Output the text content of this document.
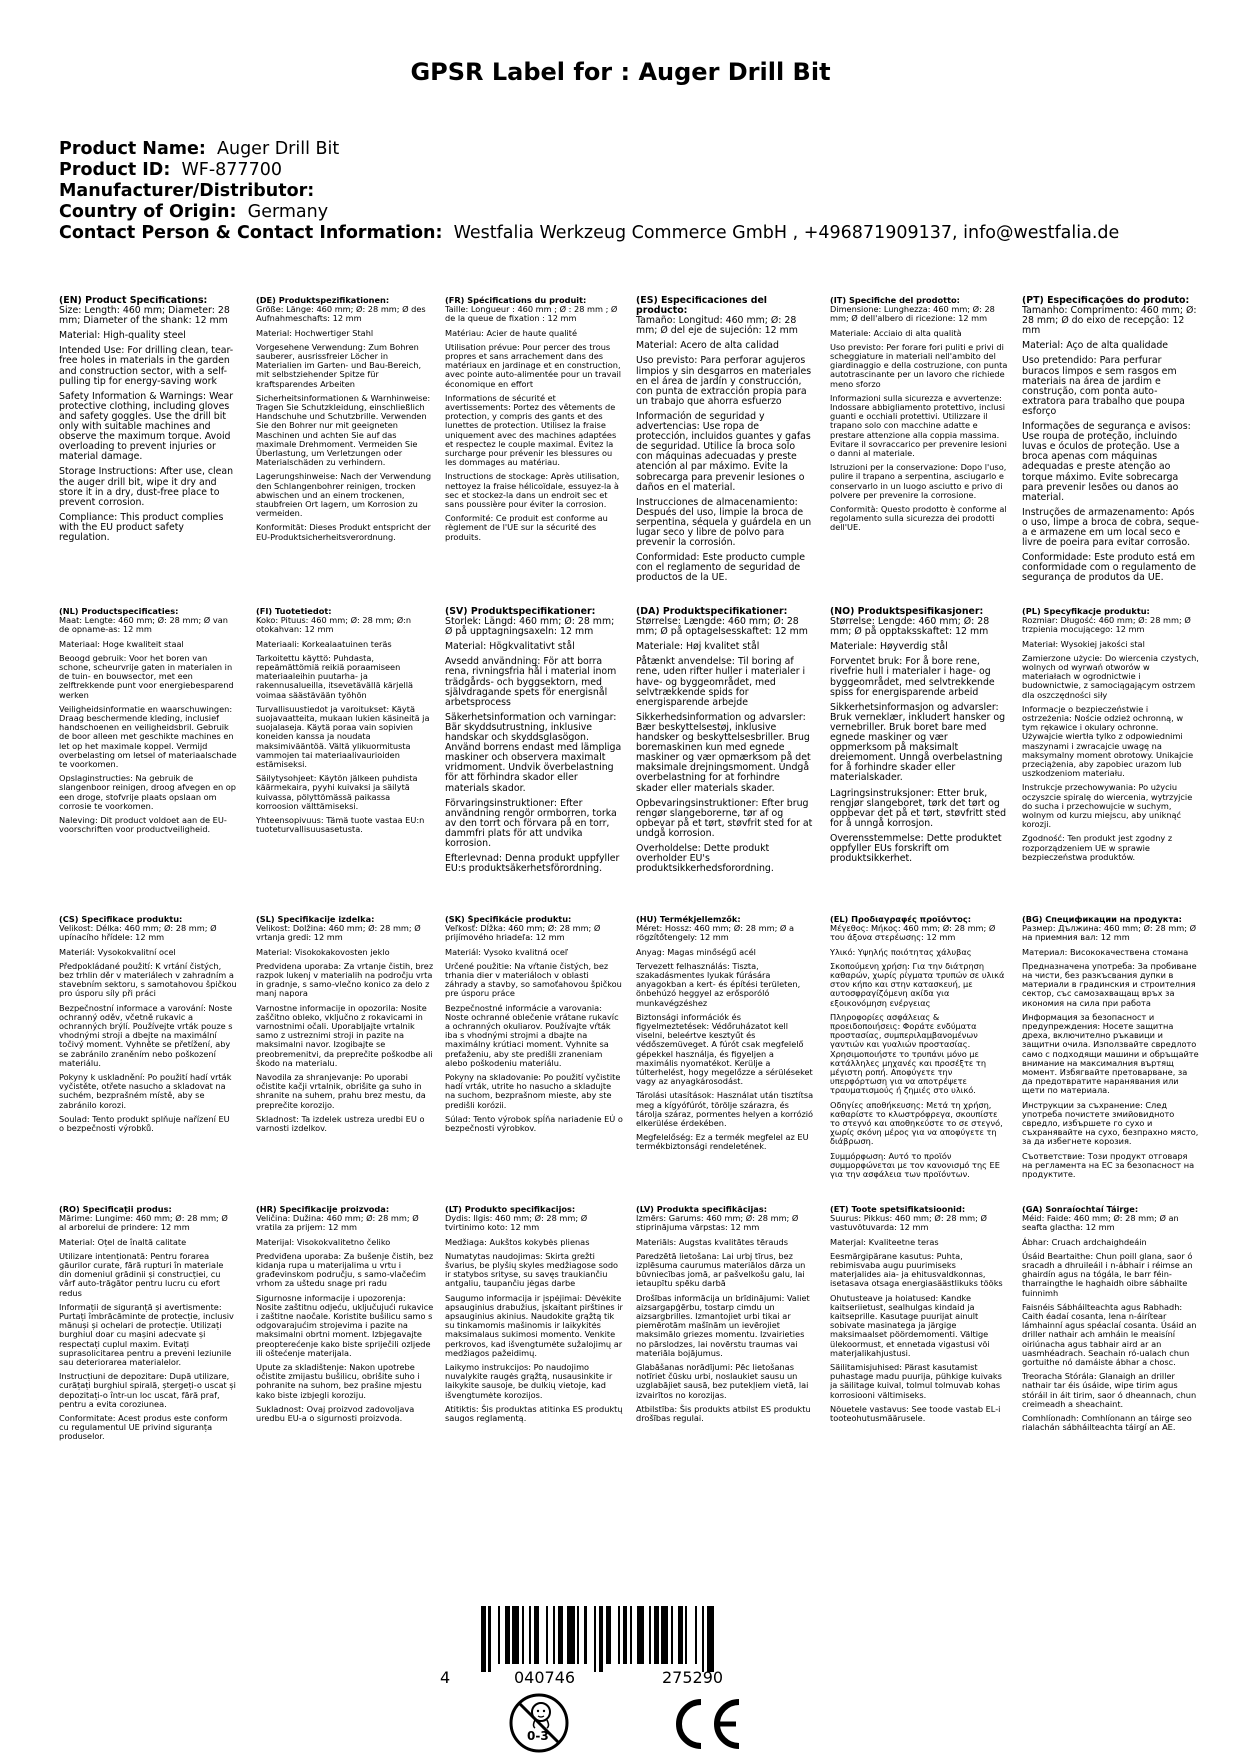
GPSR Label for : Auger Drill Bit
Product Name: Auger Drill Bit
Product ID: WF-877700
Manufacturer/Distributor:
Country of Origin: Germany
Contact Person & Contact Information: Westfalia Werkzeug Commerce GmbH , +496871909137, info@westfalia.de
(EN) Product Specifications:

Size: Length: 460 mm; Diameter: 28 mm; Diameter of the shank: 12 mm

Material: High-quality steel

Intended Use: For drilling clean, tear-free holes in materials in the garden and construction sector, with a self-pulling tip for energy-saving work

Safety Information & Warnings: Wear protective clothing, including gloves and safety goggles. Use the drill bit only with suitable machines and observe the maximum torque. Avoid overloading to prevent injuries or material damage.

Storage Instructions: After use, clean the auger drill bit, wipe it dry and store it in a dry, dust-free place to prevent corrosion.

Compliance: This product complies with the EU product safety regulation.

(DE) Produktspezifikationen:

Größe: Länge: 460 mm; Ø: 28 mm; Ø des Aufnahmeschafts: 12 mm

Material: Hochwertiger Stahl

Vorgesehene Verwendung: Zum Bohren sauberer, ausrissfreier Löcher in Materialien im Garten- und Bau-Bereich, mit selbstziehender Spitze für kraftsparendes Arbeiten

Sicherheitsinformationen & Warnhinweise: Tragen Sie Schutzkleidung, einschließlich Handschuhe und Schutzbrille. Verwenden Sie den Bohrer nur mit geeigneten Maschinen und achten Sie auf das maximale Drehmoment. Vermeiden Sie Überlastung, um Verletzungen oder Materialschäden zu verhindern.

Lagerungshinweise: Nach der Verwendung den Schlangenbohrer reinigen, trocken abwischen und an einem trockenen, staubfreien Ort lagern, um Korrosion zu vermeiden.

Konformität: Dieses Produkt entspricht der EU-Produktsicherheitsverordnung.

(FR) Spécifications du produit:

Taille: Longueur : 460 mm ; Ø : 28 mm ; Ø de la queue de fixation : 12 mm

Matériau: Acier de haute qualité

Utilisation prévue: Pour percer des trous propres et sans arrachement dans des matériaux en jardinage et en construction, avec pointe auto-alimentée pour un travail économique en effort

Informations de sécurité et avertissements: Portez des vêtements de protection, y compris des gants et des lunettes de protection. Utilisez la fraise uniquement avec des machines adaptées et respectez le couple maximal. Évitez la surcharge pour prévenir les blessures ou les dommages au matériau.

Instructions de stockage: Après utilisation, nettoyez la fraise hélicoïdale, essuyez-la à sec et stockez-la dans un endroit sec et sans poussière pour éviter la corrosion.

Conformité: Ce produit est conforme au règlement de l'UE sur la sécurité des produits.

(ES) Especificaciones del producto:

Tamaño: Longitud: 460 mm; Ø: 28 mm; Ø del eje de sujeción: 12 mm

Material: Acero de alta calidad

Uso previsto: Para perforar agujeros limpios y sin desgarros en materiales en el área de jardín y construcción, con punta de extracción propia para un trabajo que ahorra esfuerzo

Información de seguridad y advertencias: Use ropa de protección, incluidos guantes y gafas de seguridad. Utilice la broca solo con máquinas adecuadas y preste atención al par máximo. Evite la sobrecarga para prevenir lesiones o daños en el material.

Instrucciones de almacenamiento: Después del uso, limpie la broca de serpentina, séquela y guárdela en un lugar seco y libre de polvo para prevenir la corrosión.

Conformidad: Este producto cumple con el reglamento de seguridad de productos de la UE.

(IT) Specifiche del prodotto:

Dimensione: Lunghezza: 460 mm; Ø: 28 mm; Ø dell'albero di ricezione: 12 mm

Materiale: Acciaio di alta qualità

Uso previsto: Per forare fori puliti e privi di scheggiature in materiali nell'ambito del giardinaggio e della costruzione, con punta autotrascinante per un lavoro che richiede meno sforzo

Informazioni sulla sicurezza e avvertenze: Indossare abbigliamento protettivo, inclusi guanti e occhiali protettivi. Utilizzare il trapano solo con macchine adatte e prestare attenzione alla coppia massima. Evitare il sovraccarico per prevenire lesioni o danni al materiale.

Istruzioni per la conservazione: Dopo l'uso, pulire il trapano a serpentina, asciugarlo e conservarlo in un luogo asciutto e privo di polvere per prevenire la corrosione.

Conformità: Questo prodotto è conforme al regolamento sulla sicurezza dei prodotti dell'UE.

(PT) Especificações do produto:

Tamanho: Comprimento: 460 mm; Ø: 28 mm; Ø do eixo de recepção: 12 mm

Material: Aço de alta qualidade

Uso pretendido: Para perfurar buracos limpos e sem rasgos em materiais na área de jardim e construção, com ponta auto-extratora para trabalho que poupa esforço

Informações de segurança e avisos: Use roupa de proteção, incluindo luvas e óculos de proteção. Use a broca apenas com máquinas adequadas e preste atenção ao torque máximo. Evite sobrecarga para prevenir lesões ou danos ao material.

Instruções de armazenamento: Após o uso, limpe a broca de cobra, seque-a e armazene em um local seco e livre de poeira para evitar corrosão.

Conformidade: Este produto está em conformidade com o regulamento de segurança de produtos da UE.

(NL) Productspecificaties:

Maat: Lengte: 460 mm; Ø: 28 mm; Ø van de opname-as: 12 mm

Materiaal: Hoge kwaliteit staal

Beoogd gebruik: Voor het boren van schone, scheurvrije gaten in materialen in de tuin- en bouwsector, met een zelftrekkende punt voor energiebesparend werken

Veiligheidsinformatie en waarschuwingen: Draag beschermende kleding, inclusief handschoenen en veiligheidsbril. Gebruik de boor alleen met geschikte machines en let op het maximale koppel. Vermijd overbelasting om letsel of materiaalschade te voorkomen.

Opslaginstructies: Na gebruik de slangenboor reinigen, droog afvegen en op een droge, stofvrije plaats opslaan om corrosie te voorkomen.

Naleving: Dit product voldoet aan de EU-voorschriften voor productveiligheid.

(FI) Tuotetiedot:

Koko: Pituus: 460 mm; Ø: 28 mm; Ø:n otokahvan: 12 mm

Materiaali: Korkealaatuinen teräs

Tarkoitettu käyttö: Puhdasta, repeämättömiä reikiä poraamiseen materiaaleihin puutarha- ja rakennusalueilla, itsevetävällä kärjellä voimaa säästävään työhön

Turvallisuustiedot ja varoitukset: Käytä suojavaatteita, mukaan lukien käsineitä ja suojalaseja. Käytä poraa vain sopivien koneiden kanssa ja noudata maksimivääntöä. Vältä ylikuormitusta vammojen tai materiaalivaurioiden estämiseksi.

Säilytysohjeet: Käytön jälkeen puhdista käärmekaira, pyyhi kuivaksi ja säilytä kuivassa, pölyttömässä paikassa korroosion välttämiseksi.

Yhteensopivuus: Tämä tuote vastaa EU:n tuoteturvallisuusasetusta.

(SV) Produktspecifikationer:

Storlek: Längd: 460 mm; Ø: 28 mm; Ø på upptagningsaxeln: 12 mm

Material: Högkvalitativt stål

Avsedd användning: För att borra rena, rivningsfria hål i material inom trädgårds- och byggsektorn, med självdragande spets för energisnål arbetsprocess

Säkerhetsinformation och varningar: Bär skyddsutrustning, inklusive handskar och skyddsglasögon. Använd borrens endast med lämpliga maskiner och observera maximalt vridmoment. Undvik överbelastning för att förhindra skador eller materials skador.

Förvaringsinstruktioner: Efter användning rengör ormborren, torka av den torrt och förvara på en torr, dammfri plats för att undvika korrosion.

Efterlevnad: Denna produkt uppfyller EU:s produktsäkerhetsförordning.

(DA) Produktspecifikationer:

Størrelse: Længde: 460 mm; Ø: 28 mm; Ø på optagelsesskaftet: 12 mm

Materiale: Høj kvalitet stål

Påtænkt anvendelse: Til boring af rene, uden rifter huller i materialer i have- og byggeområdet, med selvtrækkende spids for energisparende arbejde

Sikkerhedsinformation og advarsler: Bær beskyttelsestøj, inklusive handsker og beskyttelsesbriller. Brug boremaskinen kun med egnede maskiner og vær opmærksom på det maksimale drejningsmoment. Undgå overbelastning for at forhindre skader eller materials skader.

Opbevaringsinstruktioner: Efter brug rengør slangeborerne, tør af og opbevar på et tørt, støvfrit sted for at undgå korrosion.

Overholdelse: Dette produkt overholder EU's produktsikkerhedsforordning.

(NO) Produktspesifikasjoner:

Størrelse: Lengde: 460 mm; Ø: 28 mm; Ø på opptaksskaftet: 12 mm

Materiale: Høyverdig stål

Forventet bruk: For å bore rene, rivefrie hull i materialer i hage- og byggeområdet, med selvtrekkende spiss for energisparende arbeid

Sikkerhetsinformasjon og advarsler: Bruk verneklær, inkludert hansker og vernebriller. Bruk boret bare med egnede maskiner og vær oppmerksom på maksimalt dreiemoment. Unngå overbelastning for å forhindre skader eller materialskader.

Lagringsinstruksjoner: Etter bruk, rengjør slangeboret, tørk det tørt og oppbevar det på et tørt, støvfritt sted for å unngå korrosjon.

Overensstemmelse: Dette produktet oppfyller EUs forskrift om produktsikkerhet.

(PL) Specyfikacje produktu:

Rozmiar: Długość: 460 mm; Ø: 28 mm; Ø trzpienia mocującego: 12 mm

Materiał: Wysokiej jakości stal

Zamierzone użycie: Do wiercenia czystych, wolnych od wyrwań otworów w materiałach w ogrodnictwie i budownictwie, z samociągającym ostrzem dla oszczędności siły

Informacje o bezpieczeństwie i ostrzeżenia: Noście odzież ochronną, w tym rękawice i okulary ochronne. Używajcie wiertła tylko z odpowiednimi maszynami i zwracajcie uwagę na maksymalny moment obrotowy. Unikajcie przeciążenia, aby zapobiec urazom lub uszkodzeniom materiału.

Instrukcje przechowywania: Po użyciu oczyszcie spiralę do wiercenia, wytrzyjcie do sucha i przechowujcie w suchym, wolnym od kurzu miejscu, aby uniknąć korozji.

Zgodność: Ten produkt jest zgodny z rozporządzeniem UE w sprawie bezpieczeństwa produktów.

(CS) Specifikace produktu:

Velikost: Délka: 460 mm; Ø: 28 mm; Ø upínacího hřídele: 12 mm

Materiál: Vysokokvalitní ocel

Předpokládané použití: K vrtání čistých, bez trhlin děr v materiálech v zahradním a stavebním sektoru, s samotahovou špičkou pro úsporu síly při práci

Bezpečnostní informace a varování: Noste ochranný oděv, včetně rukavic a ochranných brýlí. Používejte vrták pouze s vhodnými stroji a dbejte na maximální točivý moment. Vyhněte se přetížení, aby se zabránilo zraněním nebo poškození materiálu.

Pokyny k uskladnění: Po použití hadí vrták vyčistěte, otřete nasucho a skladovat na suchém, bezprašném místě, aby se zabránilo korozi.

Soulad: Tento produkt splňuje nařízení EU o bezpečnosti výrobků.

(SL) Specifikacije izdelka:

Velikost: Dolžina: 460 mm; Ø: 28 mm; Ø vrtanja gredi: 12 mm

Material: Visokokakovosten jeklo

Predvidena uporaba: Za vrtanje čistih, brez razpok lukenj v materialih na področju vrta in gradnje, s samo-vlečno konico za delo z manj napora

Varnostne informacije in opozorila: Nosite zaščitno obleko, vključno z rokavicami in varnostnimi očali. Uporabljajte vrtalnik samo z ustreznimi stroji in pazite na maksimalni navor. Izogibajte se preobremenitvi, da preprečite poškodbe ali škodo na materialu.

Navodila za shranjevanje: Po uporabi očistite kačji vrtalnik, obrišite ga suho in shranite na suhem, prahu brez mestu, da preprečite korozijo.

Skladnost: Ta izdelek ustreza uredbi EU o varnosti izdelkov.

(SK) Špecifikácie produktu:

Veľkosť: Dĺžka: 460 mm; Ø: 28 mm; Ø prijímového hriadeľa: 12 mm

Materiál: Vysoko kvalitná oceľ

Určené použitie: Na vŕtanie čistých, bez trhania dier v materiáloch v oblasti záhrady a stavby, so samoťahovou špičkou pre úsporu práce

Bezpečnostné informácie a varovania: Noste ochranné oblečenie vrátane rukavíc a ochranných okuliarov. Používajte vŕták iba s vhodnými strojmi a dbajte na maximálny krútiaci moment. Vyhnite sa preťaženiu, aby ste predišli zraneniam alebo poškodeniu materiálu.

Pokyny na skladovanie: Po použití vyčistite hadí vrták, utrite ho nasucho a skladujte na suchom, bezprašnom mieste, aby ste predišli korózii.

Súlad: Tento výrobok spĺňa nariadenie EÚ o bezpečnosti výrobkov.

(HU) Termékjellemzők:

Méret: Hossz: 460 mm; Ø: 28 mm; Ø a rögzítőtengely: 12 mm

Anyag: Magas minőségű acél

Tervezett felhasználás: Tiszta, szakadásmentes lyukak fúrására anyagokban a kert- és építési területen, önbehúzó heggyel az erősporóló munkavégzéshez

Biztonsági információk és figyelmeztetések: Védőruházatot kell viselni, beleértve kesztyűt és védőszemüveget. A fúrót csak megfelelő gépekkel használja, és figyeljen a maximális nyomatékot. Kerülje a túlterhelést, hogy megelőzze a sérüléseket vagy az anyagkárosodást.

Tárolási utasítások: Használat után tisztítsa meg a kígyófúrót, törölje szárazra, és tárolja száraz, pormentes helyen a korrózió elkerülése érdekében.

Megfelelőség: Ez a termék megfelel az EU termékbiztonsági rendeletének.

(EL) Προδιαγραφές προϊόντος:

Μέγεθος: Μήκος: 460 mm; Ø: 28 mm; Ø του άξονα στερέωσης: 12 mm

Υλικό: Υψηλής ποιότητας χάλυβας

Σκοπούμενη χρήση: Για την διάτρηση καθαρών, χωρίς ρίγματα τρυπών σε υλικά στον κήπο και στην κατασκευή, με αυτοσφραγίζόμενη ακίδα για εξοικονόμηση ενέργειας

Πληροφορίες ασφάλειας & προειδοποιήσεις: Φοράτε ενδύματα προστασίας, συμπεριλαμβανομένων γαντιών και γυαλιών προστασίας. Χρησιμοποιήστε το τρυπάνι μόνο με κατάλληλες μηχανές και προσέξτε τη μέγιστη ροπή. Αποφύγετε την υπερφόρτωση για να αποτρέψετε τραυματισμούς ή ζημιές στο υλικό.

Οδηγίες αποθήκευσης: Μετά τη χρήση, καθαρίστε το κλωστρόφρεγα, σκουπίστε το στεγνό και αποθηκεύστε το σε στεγνό, χωρίς σκόνη μέρος για να αποφύγετε τη διάβρωση.

Συμμόρφωση: Αυτό το προϊόν συμμορφώνεται με τον κανονισμό της ΕΕ για την ασφάλεια των προϊόντων.

(BG) Спецификации на продукта:

Размер: Дължина: 460 mm; Ø: 28 mm; Ø на приемния вал: 12 mm

Материал: Висококачествена стомана

Предназначена употреба: За пробиване на чисти, без разкъсвания дупки в материали в градинския и строителния сектор, със самозахващащ връх за икономия на сила при работа

Информация за безопасност и предупреждения: Носете защитна дреха, включително ръкавици и защитни очила. Използвайте свредлото само с подходящи машини и обръщайте внимание на максималния въртящ момент. Избягвайте претоварване, за да предотвратите наранявания или щети по материала.

Инструкции за съхранение: След употреба почистете змийовидното свредло, избършете го сухо и съхранявайте на сухо, безпрахно място, за да избегнете корозия.

Съответствие: Този продукт отговаря на регламента на ЕС за безопасност на продуктите.

(RO) Specificații produs:

Mărime: Lungime: 460 mm; Ø: 28 mm; Ø al arborelui de prindere: 12 mm

Material: Oțel de înaltă calitate

Utilizare intenționată: Pentru forarea găurilor curate, fără rupturi în materiale din domeniul grădinii și construcției, cu vârf auto-trăgător pentru lucru cu efort redus

Informații de siguranță și avertismente: Purtați îmbrăcăminte de protecție, inclusiv mănuși și ochelari de protecție. Utilizați burghiul doar cu mașini adecvate și respectați cuplul maxim. Evitați suprasolicitarea pentru a preveni leziunile sau deteriorarea materialelor.

Instrucțiuni de depozitare: După utilizare, curățați burghiul spirală, ștergeți-o uscat și depozitați-o într-un loc uscat, fără praf, pentru a evita coroziunea.

Conformitate: Acest produs este conform cu regulamentul UE privind siguranța produselor.

(HR) Specifikacije proizvoda:

Veličina: Dužina: 460 mm; Ø: 28 mm; Ø vratila za prijem: 12 mm

Materijal: Visokokvalitetno čeliko

Predviđena uporaba: Za bušenje čistih, bez kidanja rupa u materijalima u vrtu i građevinskom području, s samo-vlačećim vrhom za uštedu snage pri radu

Sigurnosne informacije i upozorenja: Nosite zaštitnu odjeću, uključujući rukavice i zaštitne naočale. Koristite bušilicu samo s odgovarajućim strojevima i pazite na maksimalni obrtni moment. Izbjegavajte preopterećenje kako biste spriječili ozljede ili oštećenje materijala.

Upute za skladištenje: Nakon upotrebe očistite zmijastu bušilicu, obrišite suho i pohranite na suhom, bez prašine mjestu kako biste izbjegli koroziju.

Sukladnost: Ovaj proizvod zadovoljava uredbu EU-a o sigurnosti proizvoda.

(LT) Produkto specifikacijos:

Dydis: Ilgis: 460 mm; Ø: 28 mm; Ø tvirtinimo koto: 12 mm

Medžiaga: Aukštos kokybės plienas

Numatytas naudojimas: Skirta grežti švarius, be plyšių skyles medžiagose sodo ir statybos srityse, su savęs traukiančiu antgaliu, taupančiu jėgas darbe

Saugumo informacija ir įspėjimai: Dėvėkite apsauginius drabužius, įskaitant pirštines ir apsauginius akinius. Naudokite grąžtą tik su tinkamomis mašinomis ir laikykitės maksimalaus sukimosi momento. Venkite perkrovos, kad išvengtumėte sužalojimų ar medžiagos pažeidimų.

Laikymo instrukcijos: Po naudojimo nuvalykite raugės grąžtą, nusausinkite ir laikykite sausoje, be dulkių vietoje, kad išvengtumėte korozijos.

Atitiktis: Šis produktas atitinka ES produktų saugos reglamentą.

(LV) Produkta specifikācijas:

Izmērs: Garums: 460 mm; Ø: 28 mm; Ø stiprinājuma vārpstas: 12 mm

Materiāls: Augstas kvalitātes tērauds

Paredzētā lietošana: Lai urbj tīrus, bez izplēsuma caurumus materiālos dārza un būvniecības jomā, ar pašvelkošu galu, lai ietaupītu spēku darbā

Drošības informācija un brīdinājumi: Valiet aizsargapģērbu, tostarp cimdu un aizsargbrilles. Izmantojiet urbi tikai ar piemērotām mašīnām un ievērojiet maksimālo griezes momentu. Izvairieties no pārslodzes, lai novērstu traumas vai materiāla bojājumus.

Glabāšanas norādījumi: Pēc lietošanas notīriet čūsku urbi, noslaukiet sausu un uzglabājiet sausā, bez putekļiem vietā, lai izvairītos no korozijas.

Atbilstība: Šis produkts atbilst ES produktu drošības regulai.

(ET) Toote spetsifikatsioonid:

Suurus: Pikkus: 460 mm; Ø: 28 mm; Ø vastuvõtuvarda: 12 mm

Materjal: Kvaliteetne teras

Eesmärgipärane kasutus: Puhta, rebimisvaba augu puurimiseks materjalides aia- ja ehitusvaldkonnas, isetasava otsaga energiasäästlikuks tööks

Ohutusteave ja hoiatused: Kandke kaitseriietust, sealhulgas kindaid ja kaitseprille. Kasutage puurijat ainult sobivate masinatega ja järgige maksimaalset pöördemomenti. Vältige ülekoormust, et ennetada vigastusi või materjalikahjustusi.

Säilitamisjuhised: Pärast kasutamist puhastage madu puurija, pühkige kuivaks ja säilitage kuival, tolmul tolmuvab kohas korrosiooni vältimiseks.

Nõuetele vastavus: See toode vastab EL-i tooteohutusmäärusele.

(GA) Sonraíochtaí Táirge:

Méid: Faide: 460 mm; Ø: 28 mm; Ø an seafta glactha: 12 mm

Ábhar: Cruach ardchaighdeáin

Úsáid Beartaithe: Chun poill glana, saor ó sracadh a dhruileáil i n-ábhair i réimse an ghairdín agus na tógála, le barr féin-tharraingthe le haghaidh oibre sábhailte fuinnimh

Faisnéis Sábháilteachta agus Rabhadh: Caith éadaí cosanta, lena n-áirítear lámhainní agus spéaclaí cosanta. Úsáid an driller nathair ach amháin le meaisíní oiriúnacha agus tabhair aird ar an uasmhéadrach. Seachain ró-ualach chun gortuithe nó damáiste ábhar a chosc.

Treoracha Stórála: Glanaigh an driller nathair tar éis úsáide, wipe tirim agus stóráil in áit tirim, saor ó dheannach, chun creimeadh a sheachaint.

Comhlíonadh: Comhlíonann an táirge seo rialachán sábháilteachta táirgí an AE.

4	040746	275290
0-3
